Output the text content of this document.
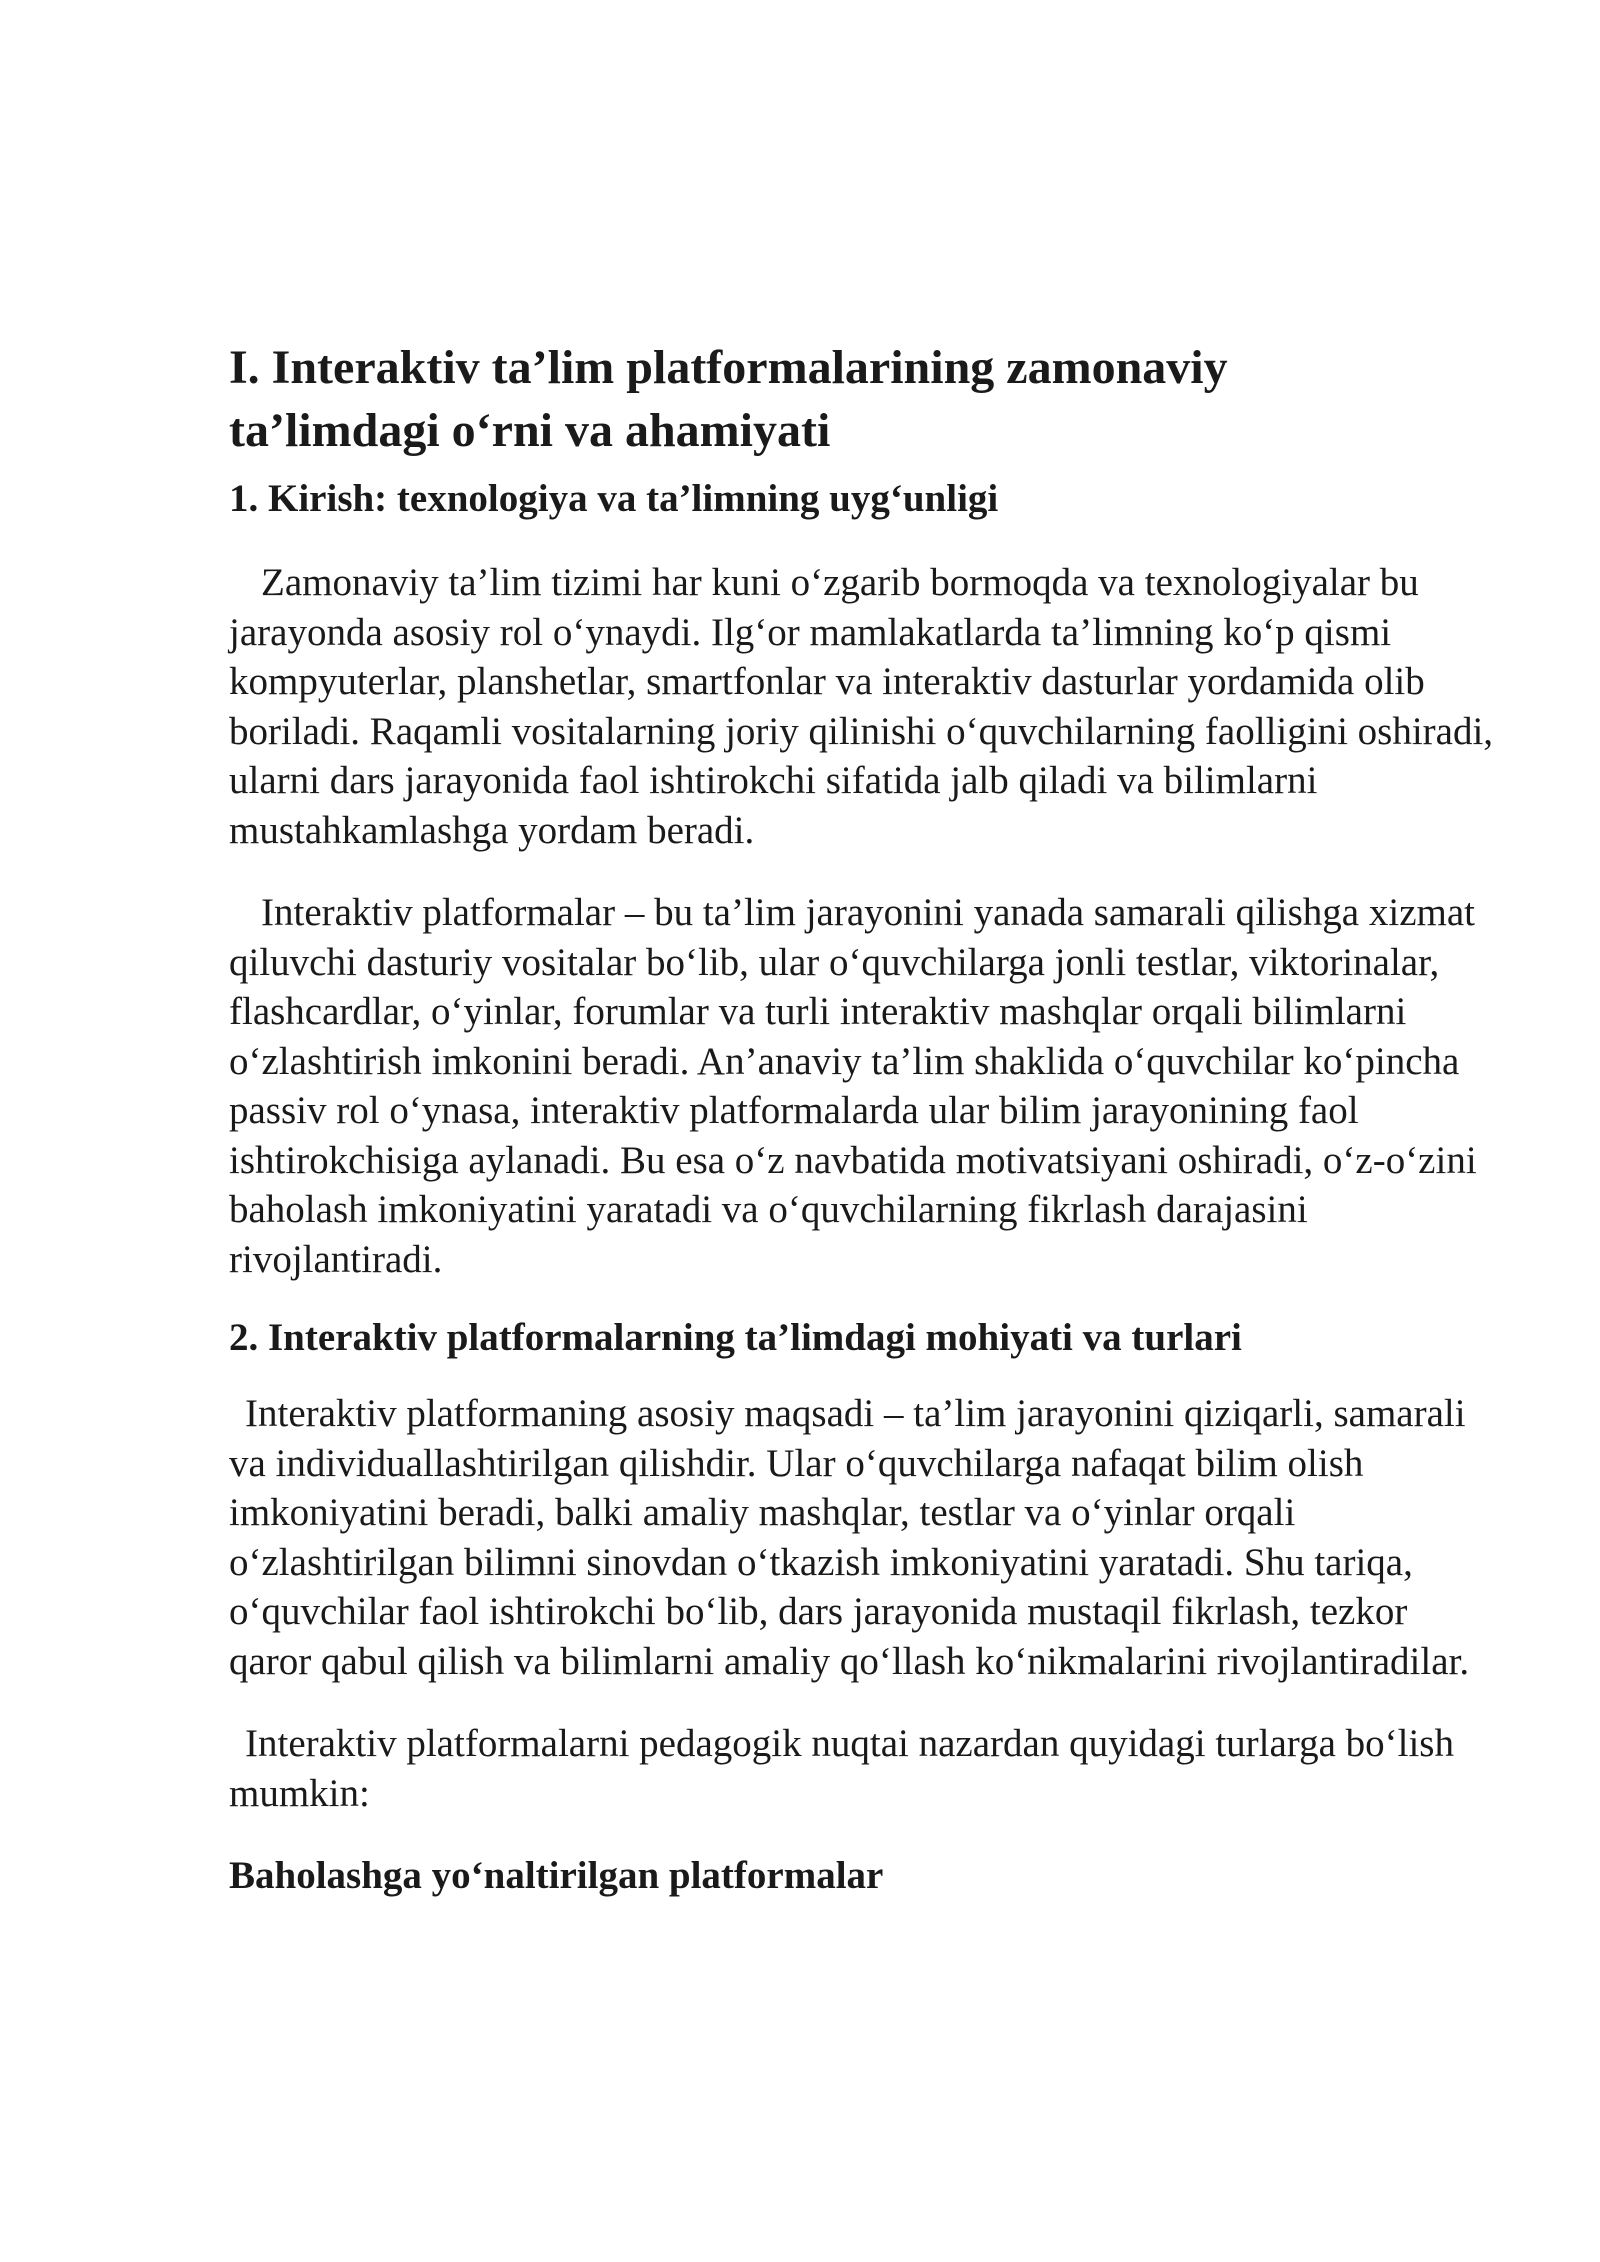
I. Interaktiv ta’lim platformalarining zamonaviy ta’limdagi o‘rni va ahamiyati
1. Kirish: texnologiya va ta’limning uyg‘unligi

Zamonaviy ta’lim tizimi har kuni o‘zgarib bormoqda va texnologiyalar bu jarayonda asosiy rol o‘ynaydi. Ilg‘or mamlakatlarda ta’limning ko‘p qismi kompyuterlar, planshetlar, smartfonlar va interaktiv dasturlar yordamida olib boriladi. Raqamli vositalarning joriy qilinishi o‘quvchilarning faolligini oshiradi, ularni dars jarayonida faol ishtirokchi sifatida jalb qiladi va bilimlarni mustahkamlashga yordam beradi.

Interaktiv platformalar – bu ta’lim jarayonini yanada samarali qilishga xizmat qiluvchi dasturiy vositalar bo‘lib, ular o‘quvchilarga jonli testlar, viktorinalar, flashcardlar, o‘yinlar, forumlar va turli interaktiv mashqlar orqali bilimlarni o‘zlashtirish imkonini beradi. An’anaviy ta’lim shaklida o‘quvchilar ko‘pincha passiv rol o‘ynasa, interaktiv platformalarda ular bilim jarayonining faol ishtirokchisiga aylanadi. Bu esa o‘z navbatida motivatsiyani oshiradi, o‘z-o‘zini baholash imkoniyatini yaratadi va o‘quvchilarning fikrlash darajasini rivojlantiradi.

2. Interaktiv platformalarning ta’limdagi mohiyati va turlari

Interaktiv platformaning asosiy maqsadi – ta’lim jarayonini qiziqarli, samarali va individuallashtirilgan qilishdir. Ular o‘quvchilarga nafaqat bilim olish imkoniyatini beradi, balki amaliy mashqlar, testlar va o‘yinlar orqali o‘zlashtirilgan bilimni sinovdan o‘tkazish imkoniyatini yaratadi. Shu tariqa, o‘quvchilar faol ishtirokchi bo‘lib, dars jarayonida mustaqil fikrlash, tezkor qaror qabul qilish va bilimlarni amaliy qo‘llash ko‘nikmalarini rivojlantiradilar.

Interaktiv platformalarni pedagogik nuqtai nazardan quyidagi turlarga bo‘lish mumkin:

Baholashga yo‘naltirilgan platformalar
